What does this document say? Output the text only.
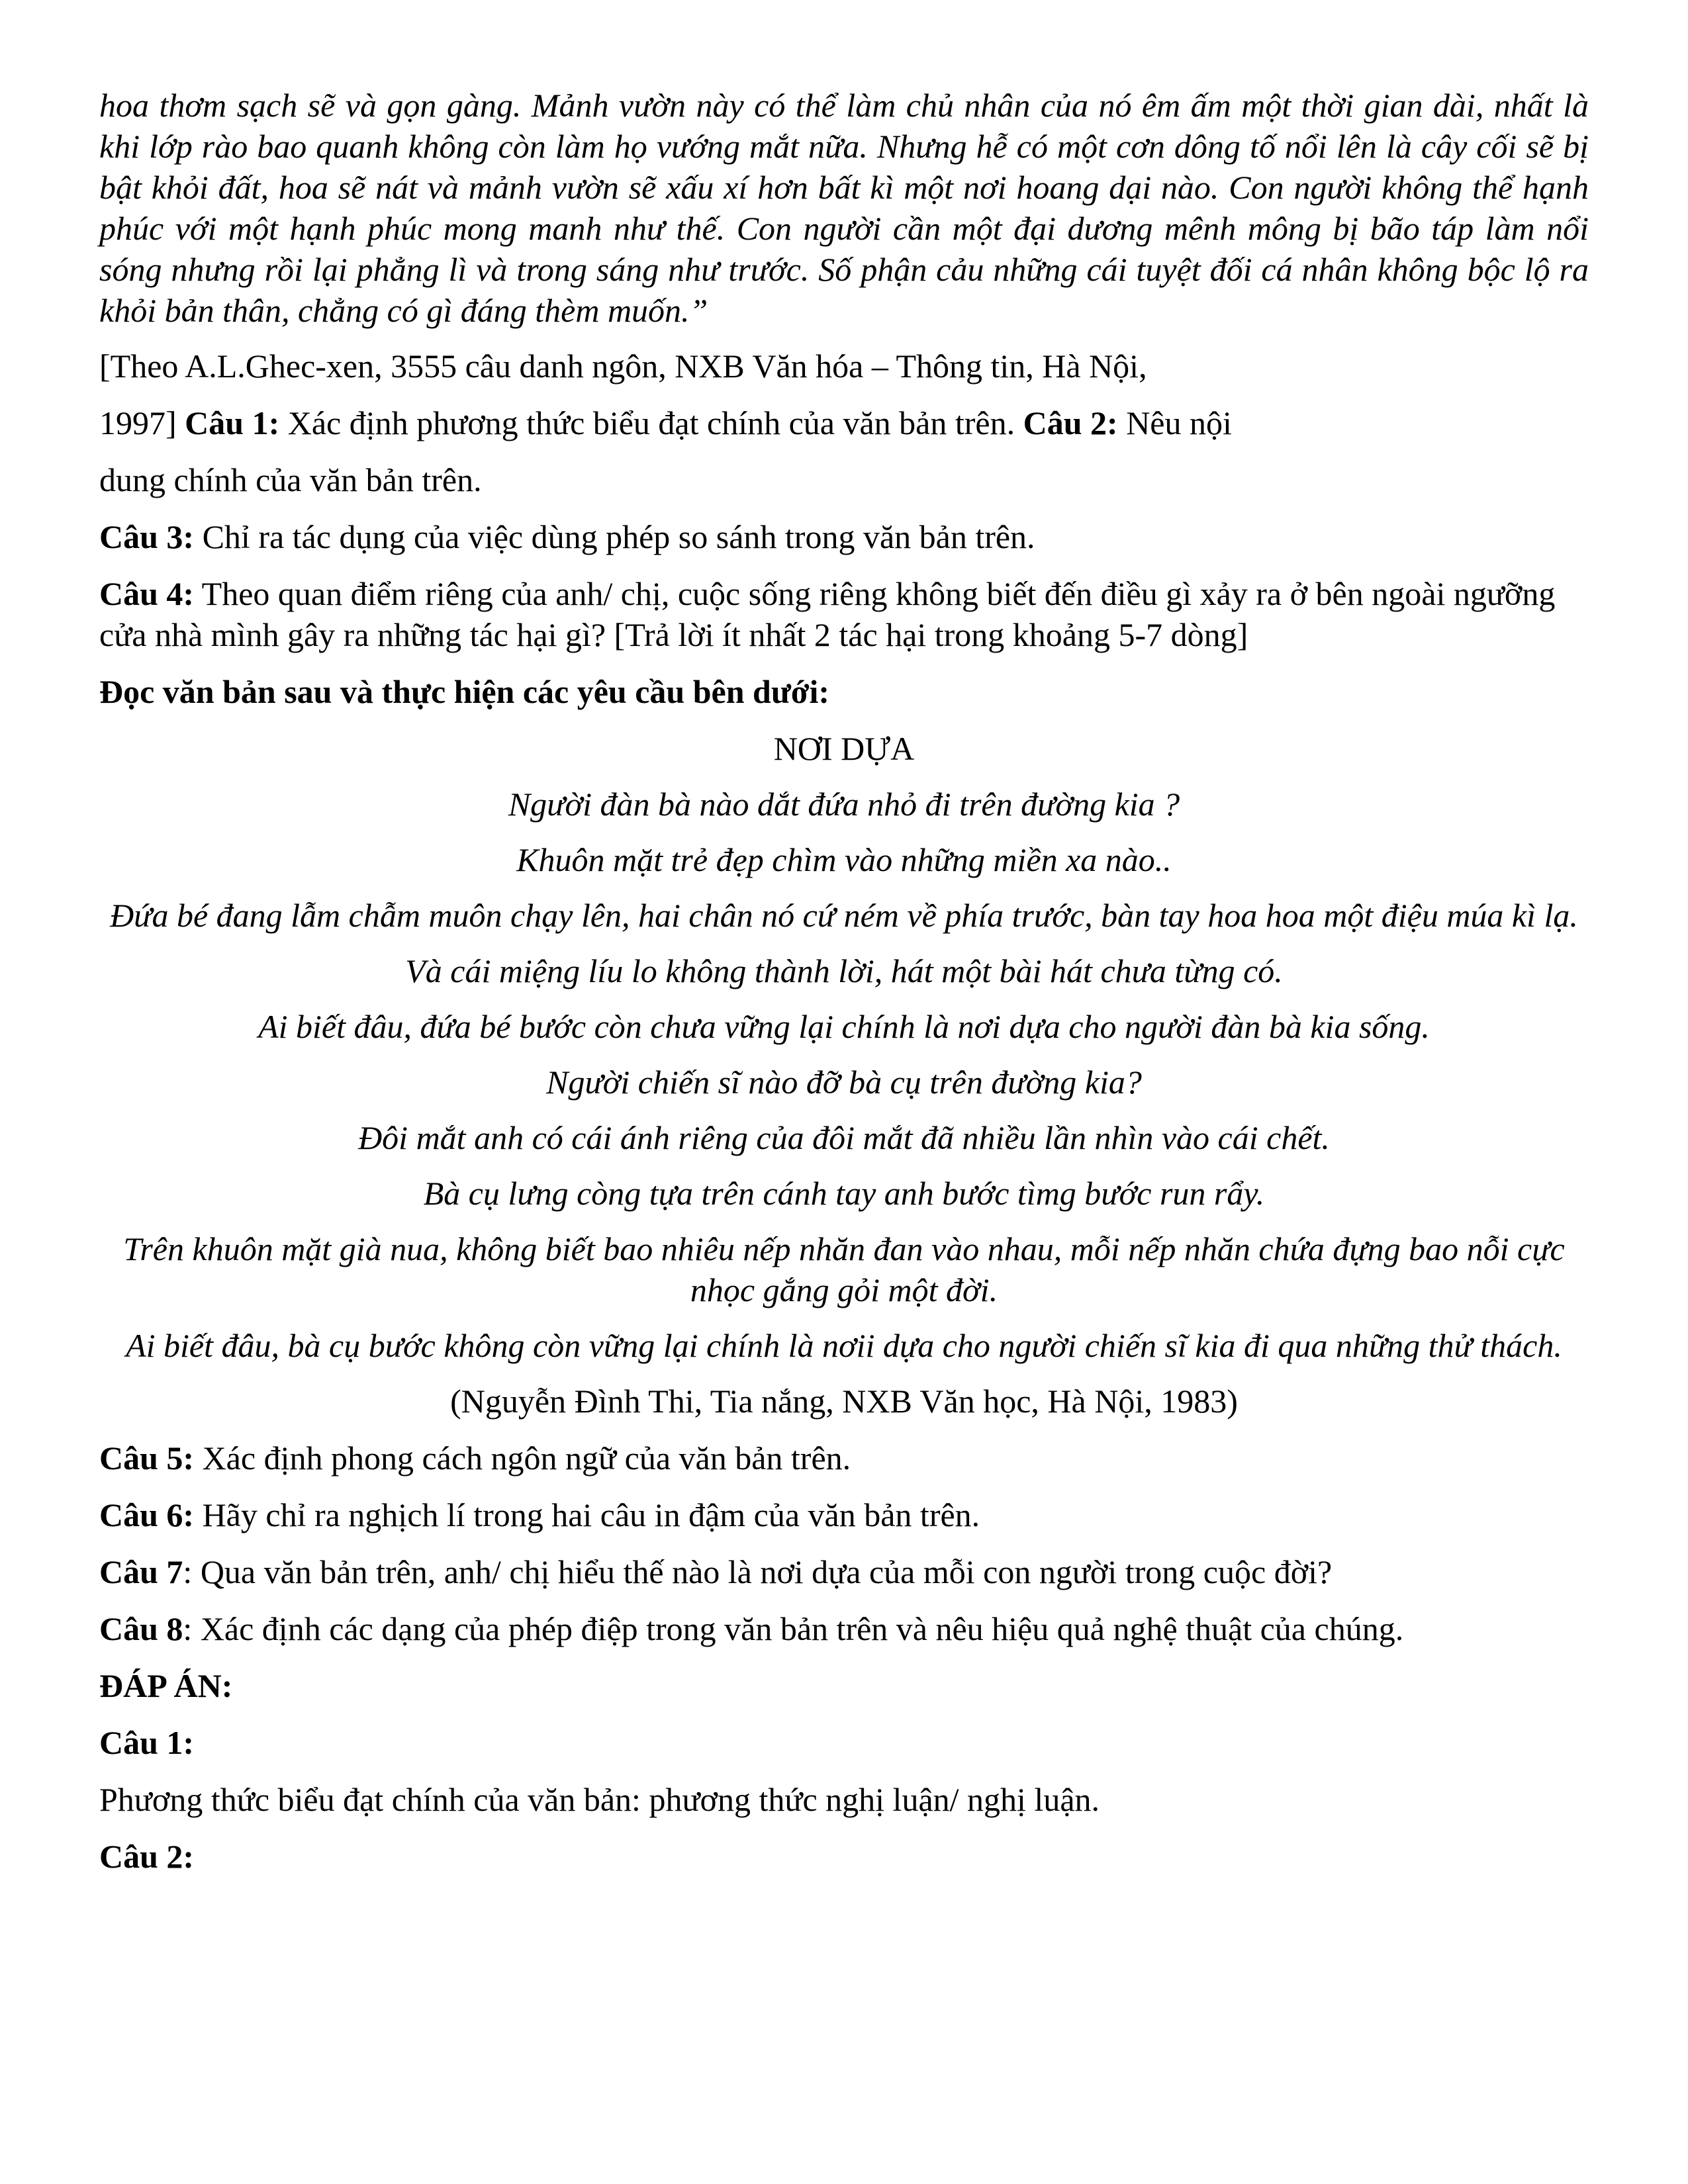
hoa thơm sạch sẽ và gọn gàng. Mảnh vườn này có thể làm chủ nhân của nó êm ấm một thời gian dài, nhất là khi lớp rào bao quanh không còn làm họ vướng mắt nữa. Nhưng hễ có một cơn dông tố nổi lên là cây cối sẽ bị bật khỏi đất, hoa sẽ nát và mảnh vườn sẽ xấu xí hơn bất kì một nơi hoang dại nào. Con người không thể hạnh phúc với một hạnh phúc mong manh như thế. Con người cần một đại dương mênh mông bị bão táp làm nổi sóng nhưng rồi lại phẳng lì và trong sáng như trước. Số phận cảu những cái tuyệt đối cá nhân không bộc lộ ra khỏi bản thân, chẳng có gì đáng thèm muốn.”

[Theo A.L.Ghec-xen, 3555 câu danh ngôn, NXB Văn hóa – Thông tin, Hà Nội,

1997] Câu 1: Xác định phương thức biểu đạt chính của văn bản trên. Câu 2: Nêu nội

dung chính của văn bản trên.

Câu 3: Chỉ ra tác dụng của việc dùng phép so sánh trong văn bản trên.

Câu 4: Theo quan điểm riêng của anh/ chị, cuộc sống riêng không biết đến điều gì xảy ra ở bên ngoài ngưỡng cửa nhà mình gây ra những tác hại gì? [Trả lời ít nhất 2 tác hại trong khoảng 5-7 dòng]

Đọc văn bản sau và thực hiện các yêu cầu bên dưới:

NƠI DỰA

Người đàn bà nào dắt đứa nhỏ đi trên đường kia ?

Khuôn mặt trẻ đẹp chìm vào những miền xa nào..

Đứa bé đang lẫm chẫm muôn chạy lên, hai chân nó cứ ném về phía trước, bàn tay hoa hoa một điệu múa kì lạ.

Và cái miệng líu lo không thành lời, hát một bài hát chưa từng có.

Ai biết đâu, đứa bé bước còn chưa vững lại chính là nơi dựa cho người đàn bà kia sống.

Người chiến sĩ nào đỡ bà cụ trên đường kia?

Đôi mắt anh có cái ánh riêng của đôi mắt đã nhiều lần nhìn vào cái chết.

Bà cụ lưng còng tựa trên cánh tay anh bước tìmg bước run rẩy.

Trên khuôn mặt già nua, không biết bao nhiêu nếp nhăn đan vào nhau, mỗi nếp nhăn chứa đựng bao nỗi cực nhọc gắng gỏi một đời.

Ai biết đâu, bà cụ bước không còn vững lại chính là nơii dựa cho người chiến sĩ kia đi qua những thử thách.

(Nguyễn Đình Thi, Tia nắng, NXB Văn học, Hà Nội, 1983)

Câu 5: Xác định phong cách ngôn ngữ của văn bản trên.

Câu 6: Hãy chỉ ra nghịch lí trong hai câu in đậm của văn bản trên.

Câu 7: Qua văn bản trên, anh/ chị hiểu thế nào là nơi dựa của mỗi con người trong cuộc đời?

Câu 8: Xác định các dạng của phép điệp trong văn bản trên và nêu hiệu quả nghệ thuật của chúng.

ĐÁP ÁN:

Câu 1:

Phương thức biểu đạt chính của văn bản: phương thức nghị luận/ nghị luận.

Câu 2:
